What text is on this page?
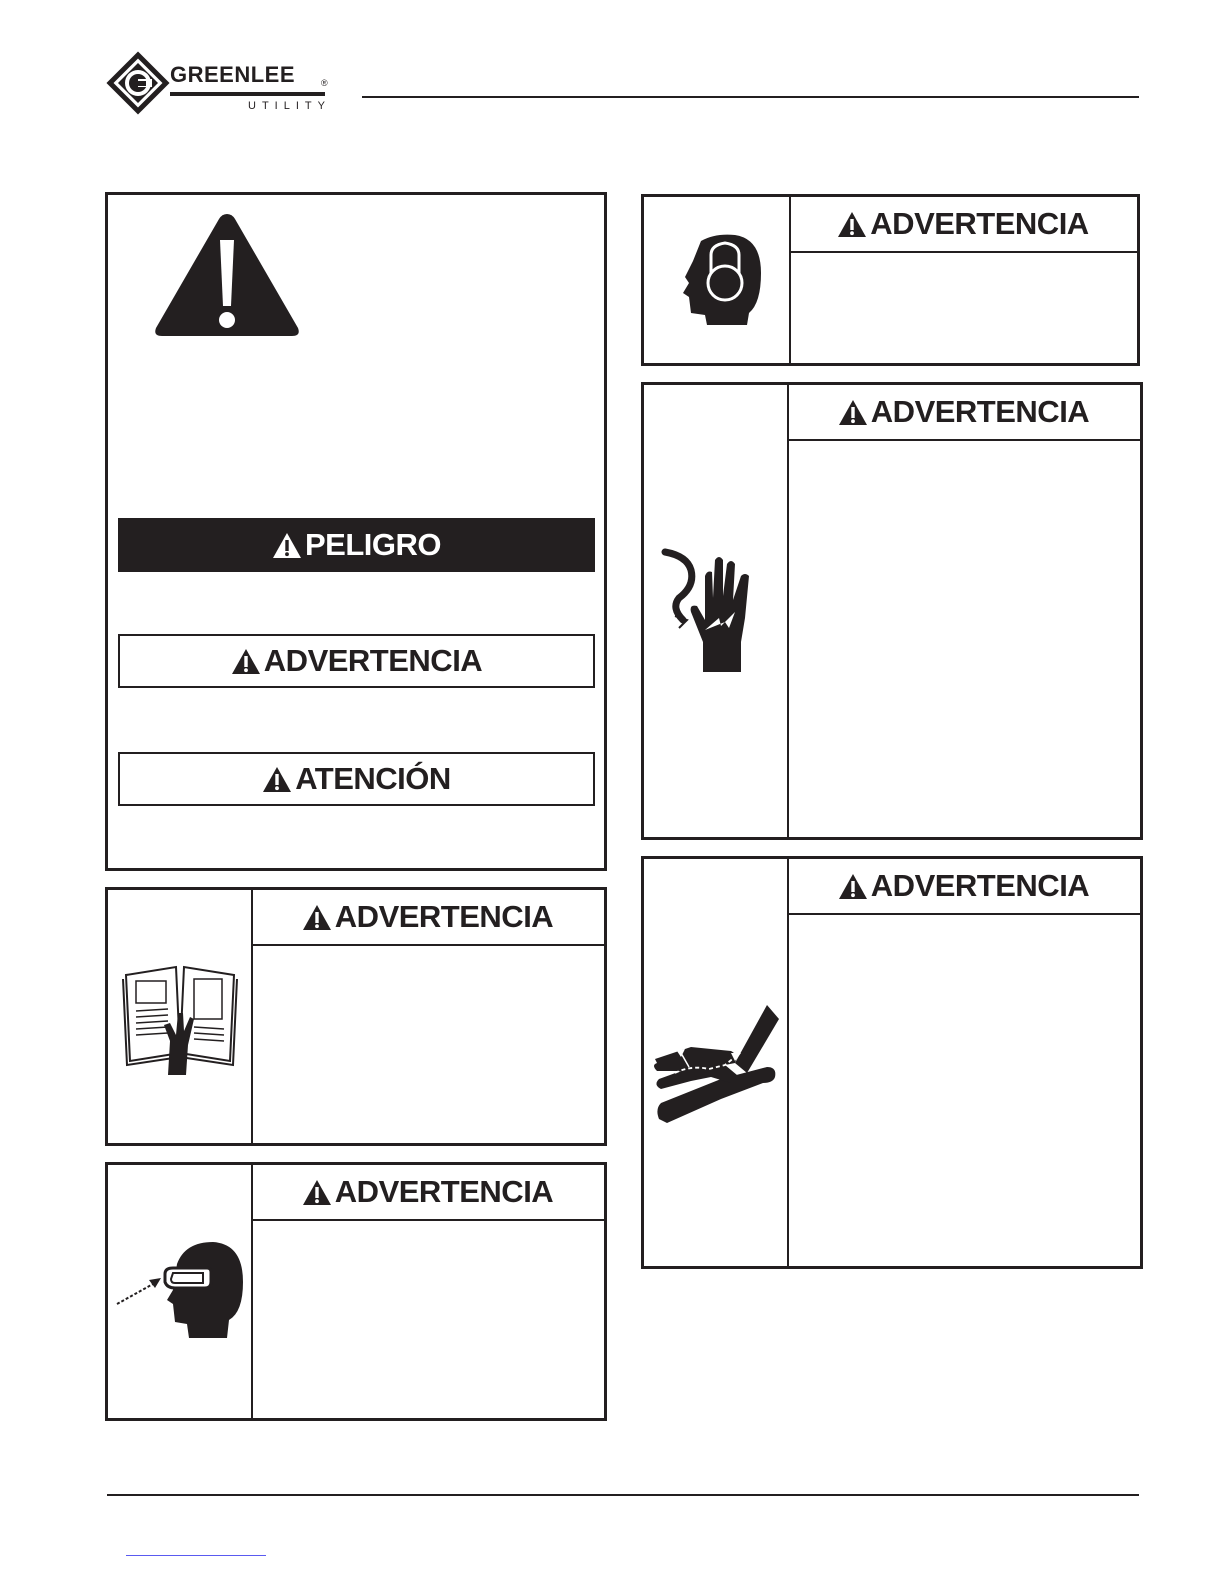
GREENLEE	®
UTILITY
PELIGRO
ADVERTENCIA
ATENCIÓN
ADVERTENCIA
ADVERTENCIA
ADVERTENCIA
ADVERTENCIA
ADVERTENCIA
